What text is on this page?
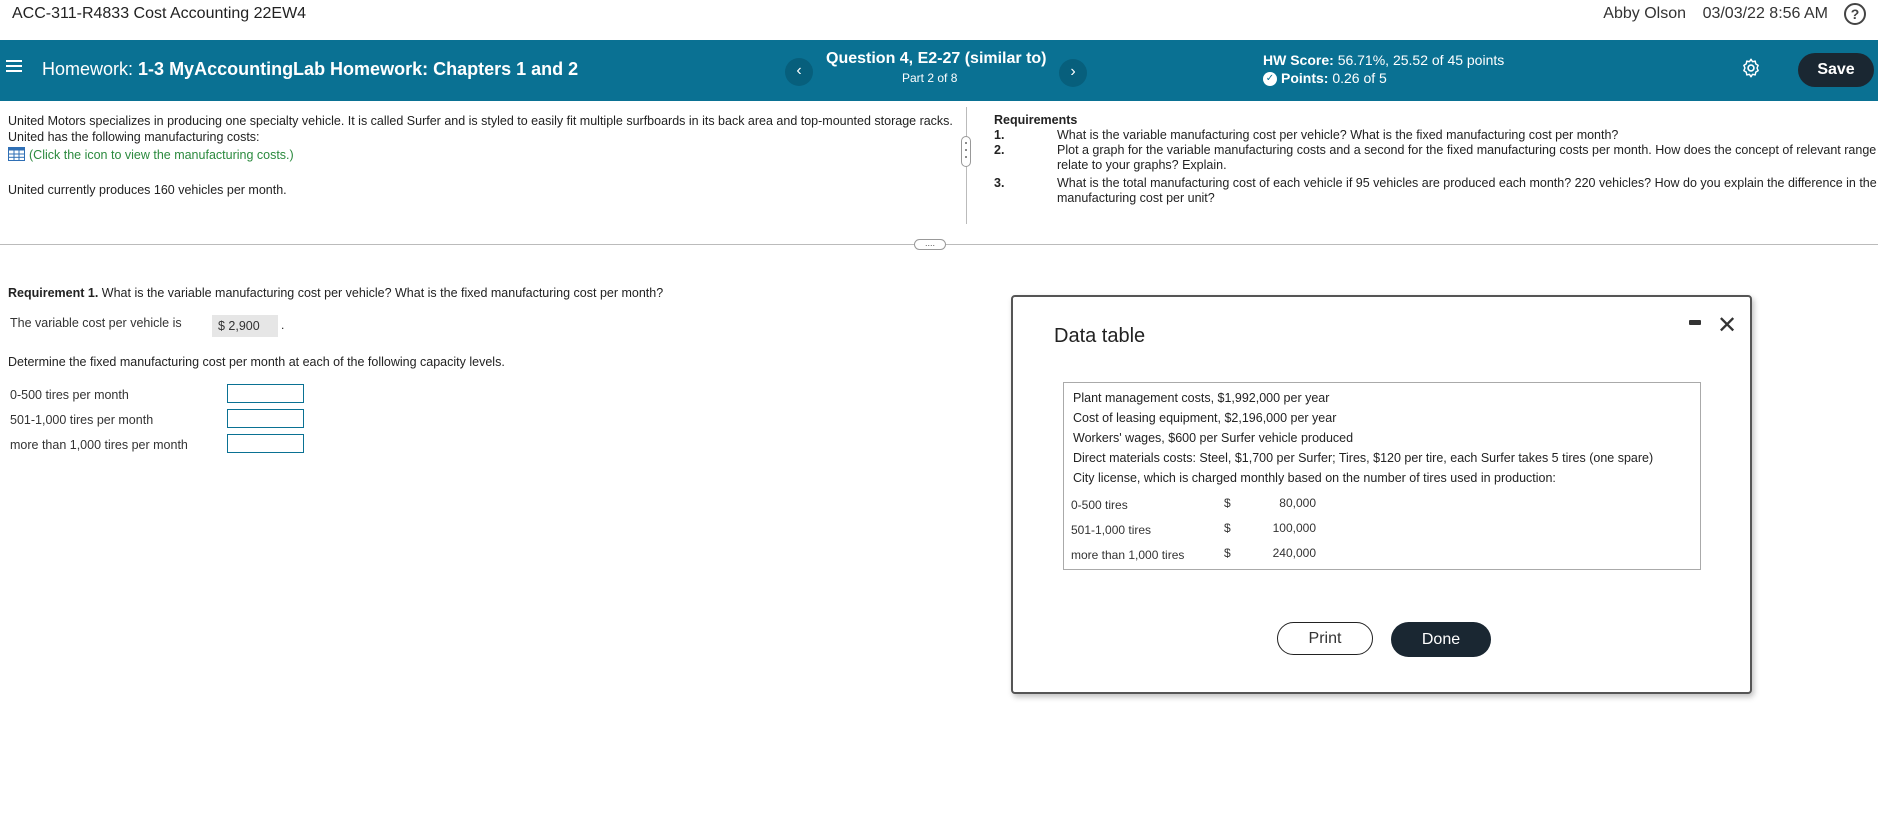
ACC-311-R4833 Cost Accounting 22EW4	Abby Olson 03/03/22 8:56 AM	?
Homework: 1-3 MyAccountingLab Homework: Chapters 1 and 2	‹
Question 4, E2-27 (similar to)
Part 2 of 8	›
HW Score: 56.71%, 25.52 of 45 points
✓ Points: 0.26 of 5	Save
United Motors specializes in producing one specialty vehicle. It is called Surfer and is styled to easily fit multiple surfboards in its back area and top-mounted storage racks. United has the following manufacturing costs:
(Click the icon to view the manufacturing costs.)
United currently produces 160 vehicles per month.
Requirements
1.	What is the variable manufacturing cost per vehicle? What is the fixed manufacturing cost per month?
2.	Plot a graph for the variable manufacturing costs and a second for the fixed manufacturing costs per month. How does the concept of relevant range relate to your graphs? Explain.
3.	What is the total manufacturing cost of each vehicle if 95 vehicles are produced each month? 220 vehicles? How do you explain the difference in the manufacturing cost per unit?
....
Requirement 1. What is the variable manufacturing cost per vehicle? What is the fixed manufacturing cost per month?
The variable cost per vehicle is	$ 2,900	.
Determine the fixed manufacturing cost per month at each of the following capacity levels.
0-500 tires per month
501-1,000 tires per month
more than 1,000 tires per month
Data table	✕
Plant management costs, $1,992,000 per year
Cost of leasing equipment, $2,196,000 per year
Workers' wages, $600 per Surfer vehicle produced
Direct materials costs: Steel, $1,700 per Surfer; Tires, $120 per tire, each Surfer takes 5 tires (one spare)
City license, which is charged monthly based on the number of tires used in production:
0-500 tires	$	80,000
501-1,000 tires	$	100,000
more than 1,000 tires	$	240,000
Print	Done
